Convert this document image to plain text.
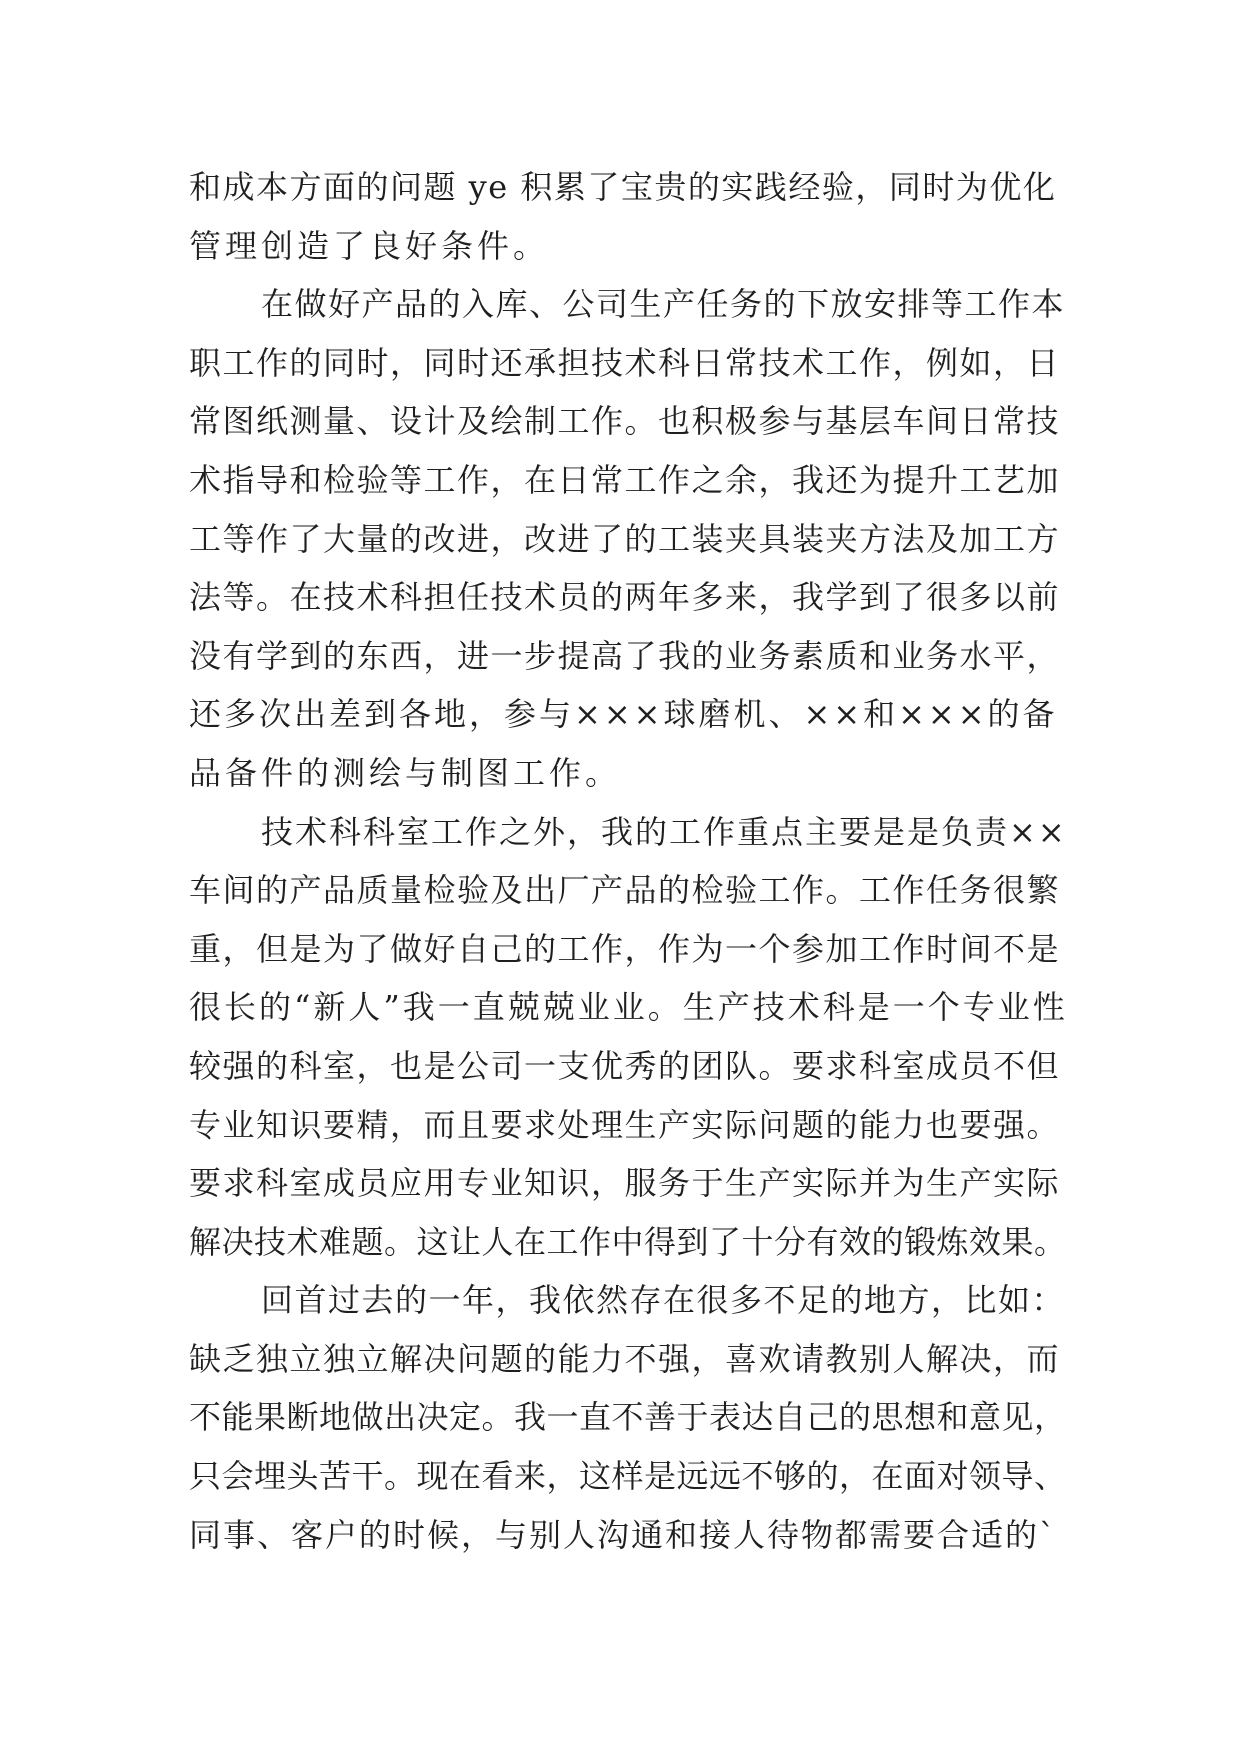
和成本方面的问题 ye 积累了宝贵的实践经验，同时为优化
管理创造了良好条件。
在做好产品的入库、公司生产任务的下放安排等工作本
职工作的同时，同时还承担技术科日常技术工作，例如，日
常图纸测量、设计及绘制工作。也积极参与基层车间日常技
术指导和检验等工作，在日常工作之余，我还为提升工艺加
工等作了大量的改进，改进了的工装夹具装夹方法及加工方
法等。在技术科担任技术员的两年多来，我学到了很多以前
没有学到的东西，进一步提高了我的业务素质和业务水平，
还多次出差到各地，参与×××球磨机、××和×××的备
品备件的测绘与制图工作。
技术科科室工作之外，我的工作重点主要是是负责××
车间的产品质量检验及出厂产品的检验工作。工作任务很繁
重，但是为了做好自己的工作，作为一个参加工作时间不是
很长的“新人”我一直兢兢业业。生产技术科是一个专业性
较强的科室，也是公司一支优秀的团队。要求科室成员不但
专业知识要精，而且要求处理生产实际问题的能力也要强。
要求科室成员应用专业知识，服务于生产实际并为生产实际
解决技术难题。这让人在工作中得到了十分有效的锻炼效果。
回首过去的一年，我依然存在很多不足的地方，比如：
缺乏独立独立解决问题的能力不强，喜欢请教别人解决，而
不能果断地做出决定。我一直不善于表达自己的思想和意见，
只会埋头苦干。现在看来，这样是远远不够的，在面对领导、
同事、客户的时候，与别人沟通和接人待物都需要合适的`
